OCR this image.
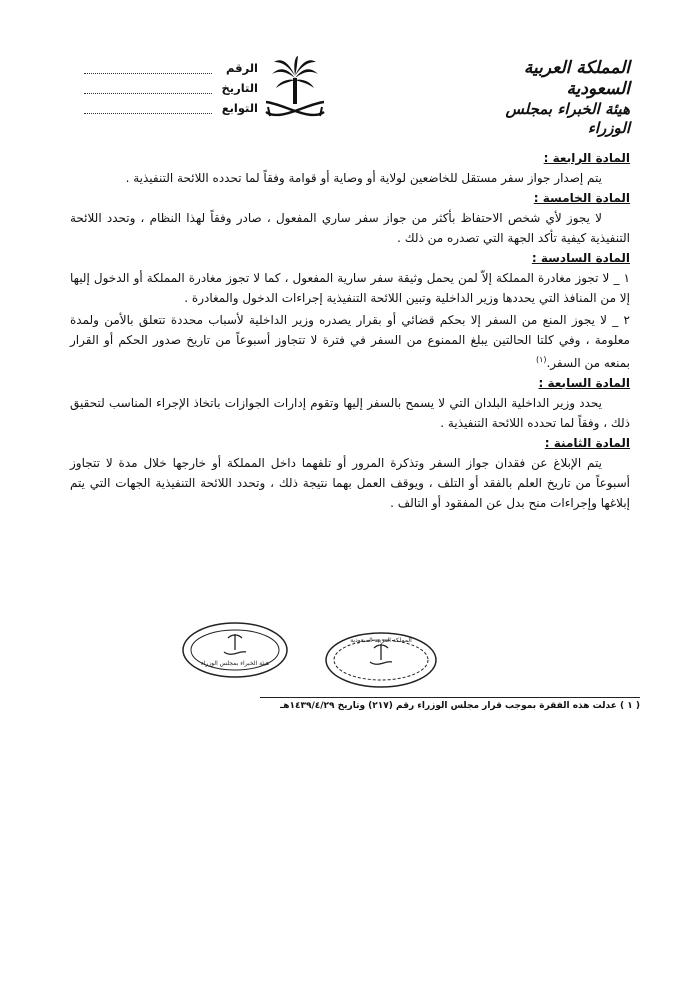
المملكة العربية السعودية
هيئة الخبراء بمجلس الوزراء
الرقم
التاريخ
التوابع

المادة الرابعة :

يتم إصدار جواز سفر مستقل للخاضعين لولاية أو وصاية أو قوامة وفقاً لما تحدده اللائحة التنفيذية .

المادة الخامسة :

لا يجوز لأي شخص الاحتفاظ بأكثر من جواز سفر ساري المفعول ، صادر وفقاً لهذا النظام ، وتحدد اللائحة التنفيذية كيفية تأكد الجهة التي تصدره من ذلك .

المادة السادسة :

١ _ لا تجوز مغادرة المملكة إلاّ لمن يحمل وثيقة سفر سارية المفعول ، كما لا تجوز مغادرة المملكة أو الدخول إليها إلا من المنافذ التي يحددها وزير الداخلية وتبين اللائحة التنفيذية إجراءات الدخول والمغادرة .

٢ _ لا يجوز المنع من السفر إلا بحكم قضائي أو بقرار يصدره وزير الداخلية لأسباب محددة تتعلق بالأمن ولمدة معلومة ، وفي كلتا الحالتين يبلغ الممنوع من السفر في فترة لا تتجاوز أسبوعاً من تاريخ صدور الحكم أو القرار بمنعه من السفر.$^{(١)}$

المادة السابعة :

يحدد وزير الداخلية البلدان التي لا يسمح بالسفر إليها وتقوم إدارات الجوازات باتخاذ الإجراء المناسب لتحقيق ذلك ، وفقاً لما تحدده اللائحة التنفيذية .

المادة الثامنة :

يتم الإبلاغ عن فقدان جواز السفر وتذكرة المرور أو تلفهما داخل المملكة أو خارجها خلال مدة لا تتجاوز أسبوعاً من تاريخ العلم بالفقد أو التلف ، ويوقف العمل بهما نتيجة ذلك ، وتحدد اللائحة التنفيذية الجهات التي يتم إبلاغها وإجراءات منح بدل عن المفقود أو التالف .

هيئة الخبراء بمجلس الوزراء
المملكة العربية السعودية
( ١ ) عدلت هذه الفقرة بموجب قرار مجلس الوزراء رقم (٢١٧) وتاريخ ١٤٣٩/٤/٢٩هـ
